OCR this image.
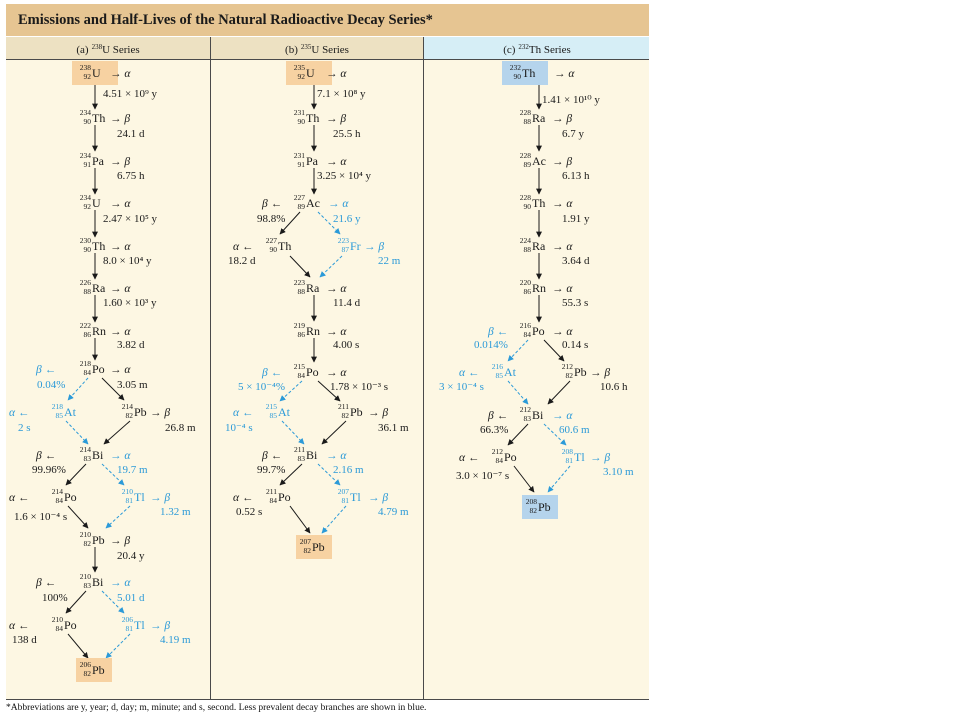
Emissions and Half-Lives of the Natural Radioactive Decay Series*
(a) $^{238}$U Series	(b) $^{235}$U Series	(c) $^{232}$Th Series
238
92 U
234
90 Th
234
91 Pa
234
92 U
230
90 Th
226
88 Ra
222
86 Rn
218
84 Po
218
85 At	214
82 Pb
214
83 Bi
214
84 Po	210
81 Tl
210
82 Pb
210
83 Bi
210
84 Po	206
81 Tl
206
82 Pb
→ α
→ β
→ β
→ α
→ α
→ α
→ α
→ α
β ←
α ←	→ β
β ←	→ α
α ←	→ β
→ β
β ←	→ α
α ←	→ β
4.51 × 10⁹ y
24.1 d
6.75 h
2.47 × 10⁵ y
8.0 × 10⁴ y
1.60 × 10³ y
3.82 d
0.04%	3.05 m
2 s	26.8 m
99.96%	19.7 m
1.6 × 10⁻⁴ s	1.32 m
20.4 y
100%	5.01 d
138 d	4.19 m
235
92 U
231
90 Th
231
91 Pa
227
89 Ac
227
90 Th	223
87 Fr
223
88 Ra
219
86 Rn
215
84 Po
215
85 At	211
82 Pb
211
83 Bi
211
84 Po	207
81 Tl
207
82 Pb
→ α
→ β
→ α
β ←	→ α
α ←	→ β
→ α
→ α
β ←	→ α
α ←	→ β
β ←	→ α
α ←	→ β
7.1 × 10⁸ y
25.5 h
3.25 × 10⁴ y
98.8%	21.6 y
18.2 d	22 m
11.4 d
4.00 s
5 × 10⁻⁴%	1.78 × 10⁻³ s
10⁻⁴ s	36.1 m
99.7%	2.16 m
0.52 s	4.79 m
232
90 Th
228
88 Ra
228
89 Ac
228
90 Th
224
88 Ra
220
86 Rn
216
84 Po
216
85 At	212
82 Pb
212
83 Bi
212
84 Po	208
81 Tl
208
82 Pb
→ α
→ β
→ β
→ α
→ α
→ α
β ←	→ α
α ←	→ β
β ←	→ α
α ←	→ β
1.41 × 10¹⁰ y
6.7 y
6.13 h
1.91 y
3.64 d
55.3 s
0.014%	0.14 s
3 × 10⁻⁴ s	10.6 h
66.3%	60.6 m
3.0 × 10⁻⁷ s	3.10 m
*Abbreviations are y, year; d, day; m, minute; and s, second. Less prevalent decay branches are shown in blue.
